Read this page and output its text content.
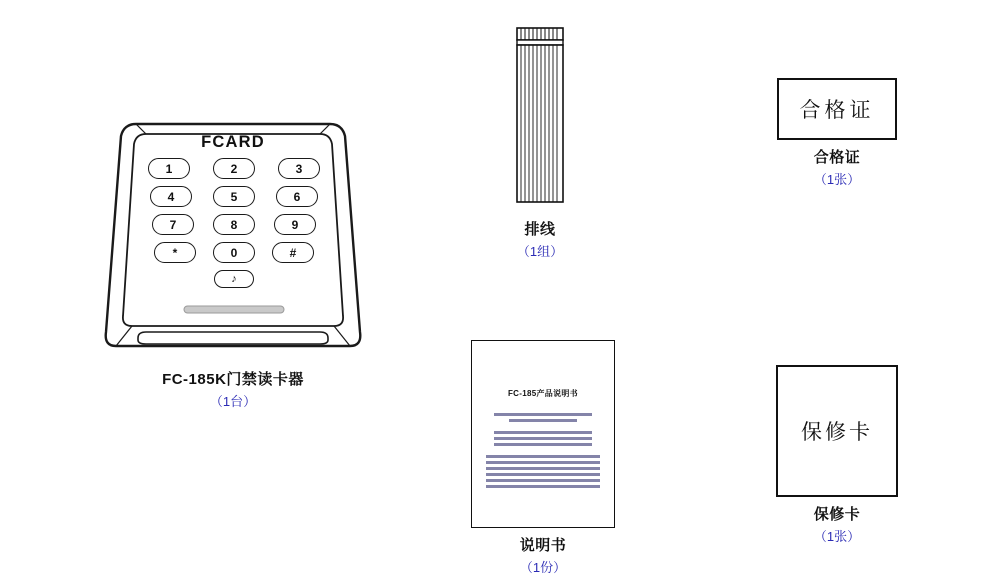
FCARD
1	2	3
4	5	6
7	8	9
*	0	#
♪
FC-185K门禁读卡器
（1台）
排线
（1组）
合格证
合格证
（1张）
FC-185产品说明书
说明书
（1份）
保修卡
保修卡
（1张）
